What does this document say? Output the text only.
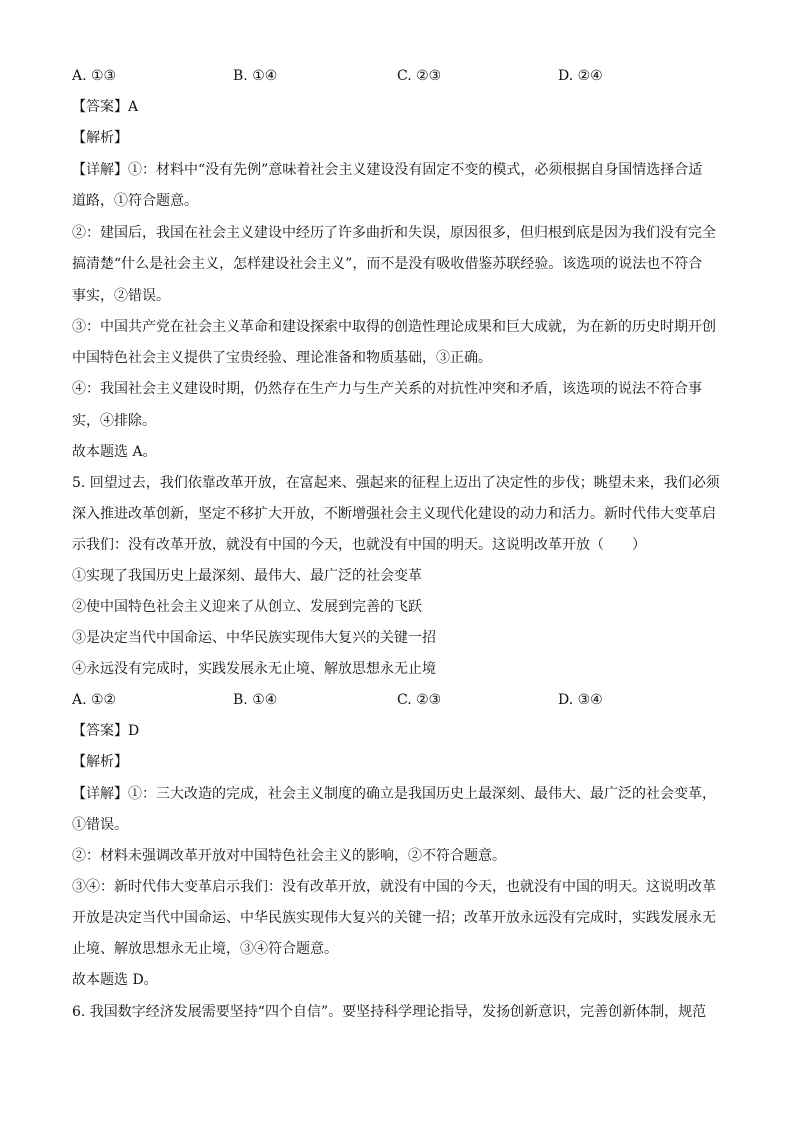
A. ①③	B. ①④	C. ②③	D. ②④
【答案】A
【解析】
【详解】①：材料中“没有先例”意味着社会主义建设没有固定不变的模式，必须根据自身国情选择合适
道路，①符合题意。
②：建国后，我国在社会主义建设中经历了许多曲折和失误，原因很多，但归根到底是因为我们没有完全
搞清楚“什么是社会主义，怎样建设社会主义”，而不是没有吸收借鉴苏联经验。该选项的说法也不符合
事实，②错误。
③：中国共产党在社会主义革命和建设探索中取得的创造性理论成果和巨大成就，为在新的历史时期开创
中国特色社会主义提供了宝贵经验、理论准备和物质基础，③正确。
④：我国社会主义建设时期，仍然存在生产力与生产关系的对抗性冲突和矛盾，该选项的说法不符合事
实，④排除。
故本题选 A。
5. 回望过去，我们依靠改革开放，在富起来、强起来的征程上迈出了决定性的步伐；眺望未来，我们必须
深入推进改革创新，坚定不移扩大开放，不断增强社会主义现代化建设的动力和活力。新时代伟大变革启
示我们：没有改革开放，就没有中国的今天，也就没有中国的明天。这说明改革开放（　　）
①实现了我国历史上最深刻、最伟大、最广泛的社会变革
②使中国特色社会主义迎来了从创立、发展到完善的飞跃
③是决定当代中国命运、中华民族实现伟大复兴的关键一招
④永远没有完成时，实践发展永无止境、解放思想永无止境
A. ①②	B. ①④	C. ②③	D. ③④
【答案】D
【解析】
【详解】①：三大改造的完成，社会主义制度的确立是我国历史上最深刻、最伟大、最广泛的社会变革，
①错误。
②：材料未强调改革开放对中国特色社会主义的影响，②不符合题意。
③④：新时代伟大变革启示我们：没有改革开放，就没有中国的今天，也就没有中国的明天。这说明改革
开放是决定当代中国命运、中华民族实现伟大复兴的关键一招；改革开放永远没有完成时，实践发展永无
止境、解放思想永无止境，③④符合题意。
故本题选 D。
6. 我国数字经济发展需要坚持“四个自信”。要坚持科学理论指导，发扬创新意识，完善创新体制，规范
